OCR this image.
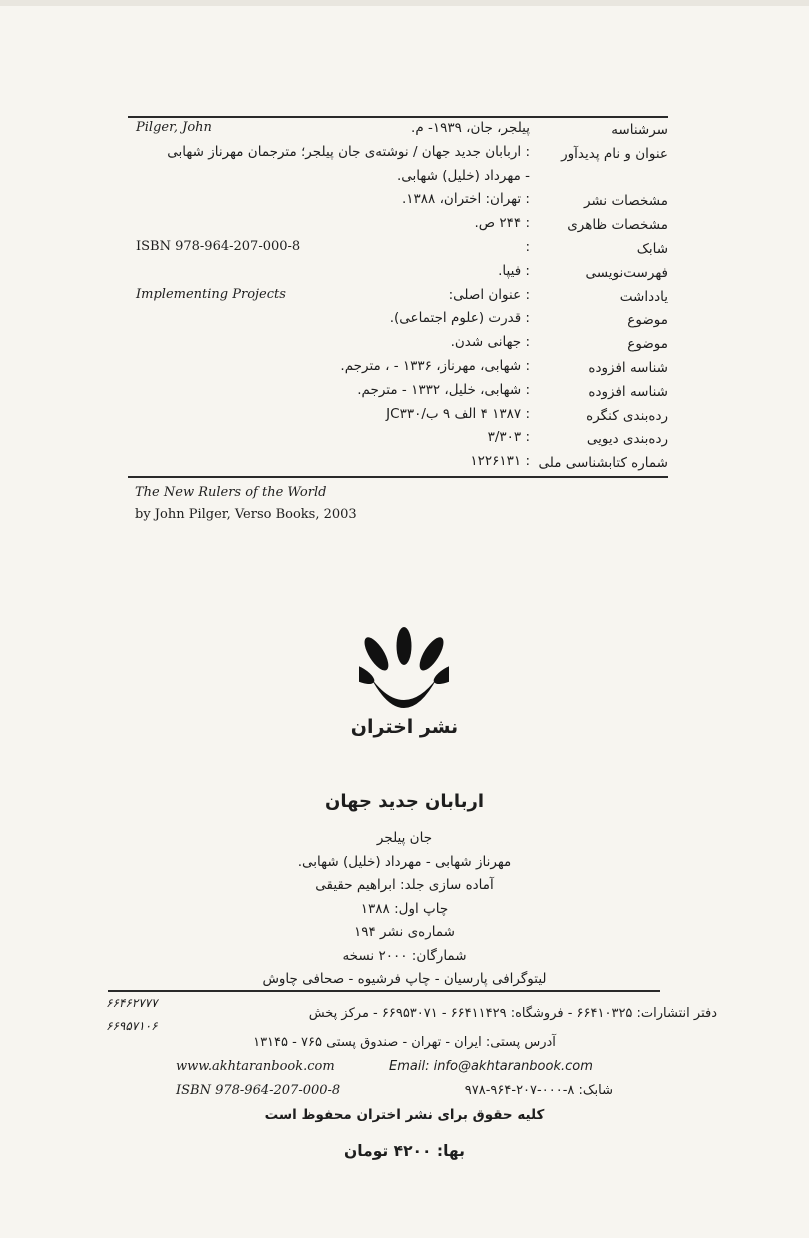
سرشناسه
پیلجر، جان، ۱۹۳۹- م.
Pilger, John
عنوان و نام پدیدآور
: اربابان جدید جهان / نوشته‌ی جان پیلجر؛ مترجمان مهرناز شهابی
- مهرداد (خلیل) شهابی.
مشخصات نشر
: تهران: اختران، ۱۳۸۸.
مشخصات ظاهری
: ۲۴۴ ص.
شابک
:
ISBN 978-964-207-000-8
فهرست‌نویسی
: فیپا.
یادداشت
: عنوان اصلی:
Implementing Projects
موضوع
: قدرت (علوم اجتماعی).
موضوع
: جهانی شدن.
شناسه افزوده
: شهابی، مهرناز، ۱۳۳۶ - ، مترجم.
شناسه افزوده
: شهابی، خلیل، ۱۳۳۲ - مترجم.
رده‌بندی کنگره
: ۱۳۸۷ ۴ الف ۹ ب/JC۳۳۰
رده‌بندی دیویی
: ۳/۳۰۳
شماره کتابشناسی ملی
: ۱۲۲۶۱۳۱
The New Rulers of the World
by John Pilger, Verso Books, 2003
نشر اختران
اربابان جدید جهان
جان پیلجر
مهرناز شهابی - مهرداد (خلیل) شهابی.
آماده سازی جلد: ابراهیم حقیقی
چاپ اول: ۱۳۸۸
شماره‌ی نشر ۱۹۴
شمارگان: ۲۰۰۰ نسخه
لیتوگرافی پارسیان - چاپ فرشیوه - صحافی چاوش
۶۶۴۶۲۷۷۷
۶۶۹۵۷۱۰۶
دفتر انتشارات: ۶۶۴۱۰۳۲۵ - فروشگاه: ۶۶۴۱۱۴۲۹ - ۶۶۹۵۳۰۷۱ - مرکز پخش
آدرس پستی: ایران - تهران - صندوق پستی ۷۶۵ - ۱۳۱۴۵
www.akhtaranbook.com	Email: info@akhtaranbook.com
ISBN 978-964-207-000-8	شابک: ۸-۰۰۰-۲۰۷-۹۶۴-۹۷۸
کلیه حقوق برای نشر اختران محفوظ است
بها: ۴۲۰۰ تومان
